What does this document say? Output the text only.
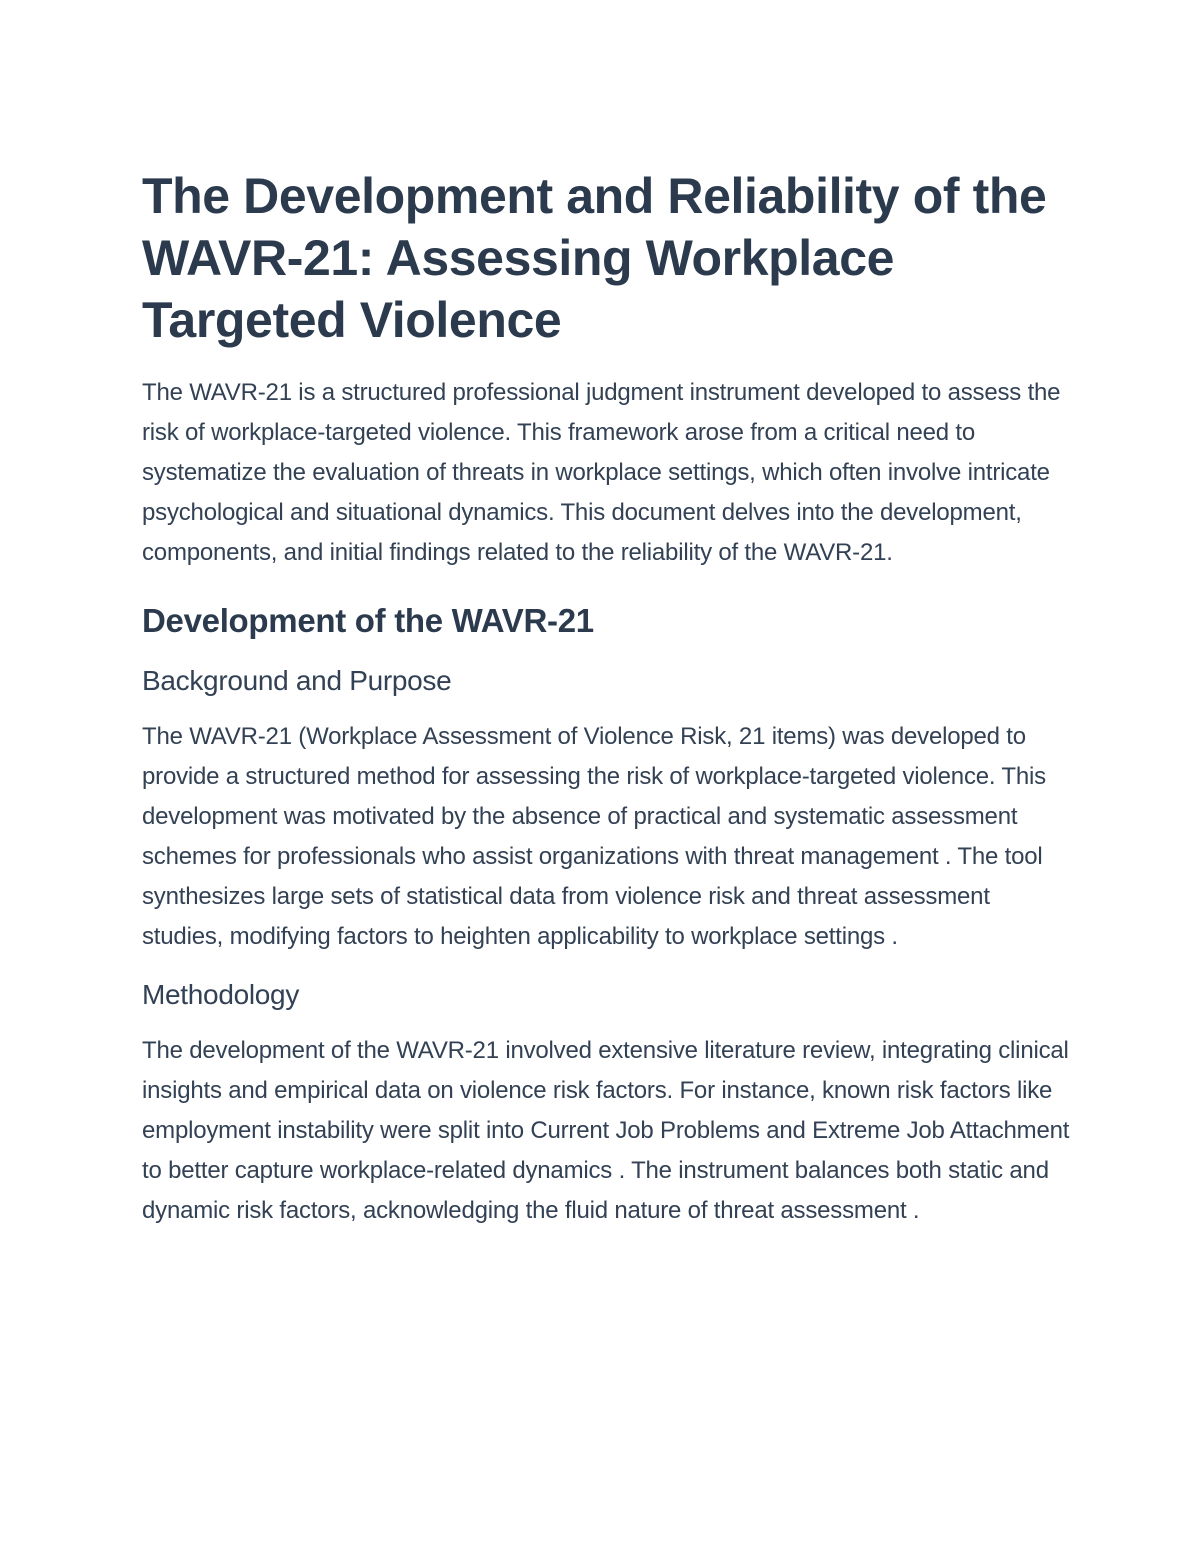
The Development and Reliability of the WAVR-21: Assessing Workplace Targeted Violence

The WAVR-21 is a structured professional judgment instrument developed to assess the risk of workplace-targeted violence. This framework arose from a critical need to systematize the evaluation of threats in workplace settings, which often involve intricate psychological and situational dynamics. This document delves into the development, components, and initial findings related to the reliability of the WAVR-21.

Development of the WAVR-21
Background and Purpose

The WAVR-21 (Workplace Assessment of Violence Risk, 21 items) was developed to provide a structured method for assessing the risk of workplace-targeted violence. This development was motivated by the absence of practical and systematic assessment schemes for professionals who assist organizations with threat management . The tool synthesizes large sets of statistical data from violence risk and threat assessment studies, modifying factors to heighten applicability to workplace settings .

Methodology

The development of the WAVR-21 involved extensive literature review, integrating clinical insights and empirical data on violence risk factors. For instance, known risk factors like employment instability were split into Current Job Problems and Extreme Job Attachment to better capture workplace-related dynamics . The instrument balances both static and dynamic risk factors, acknowledging the fluid nature of threat assessment .
